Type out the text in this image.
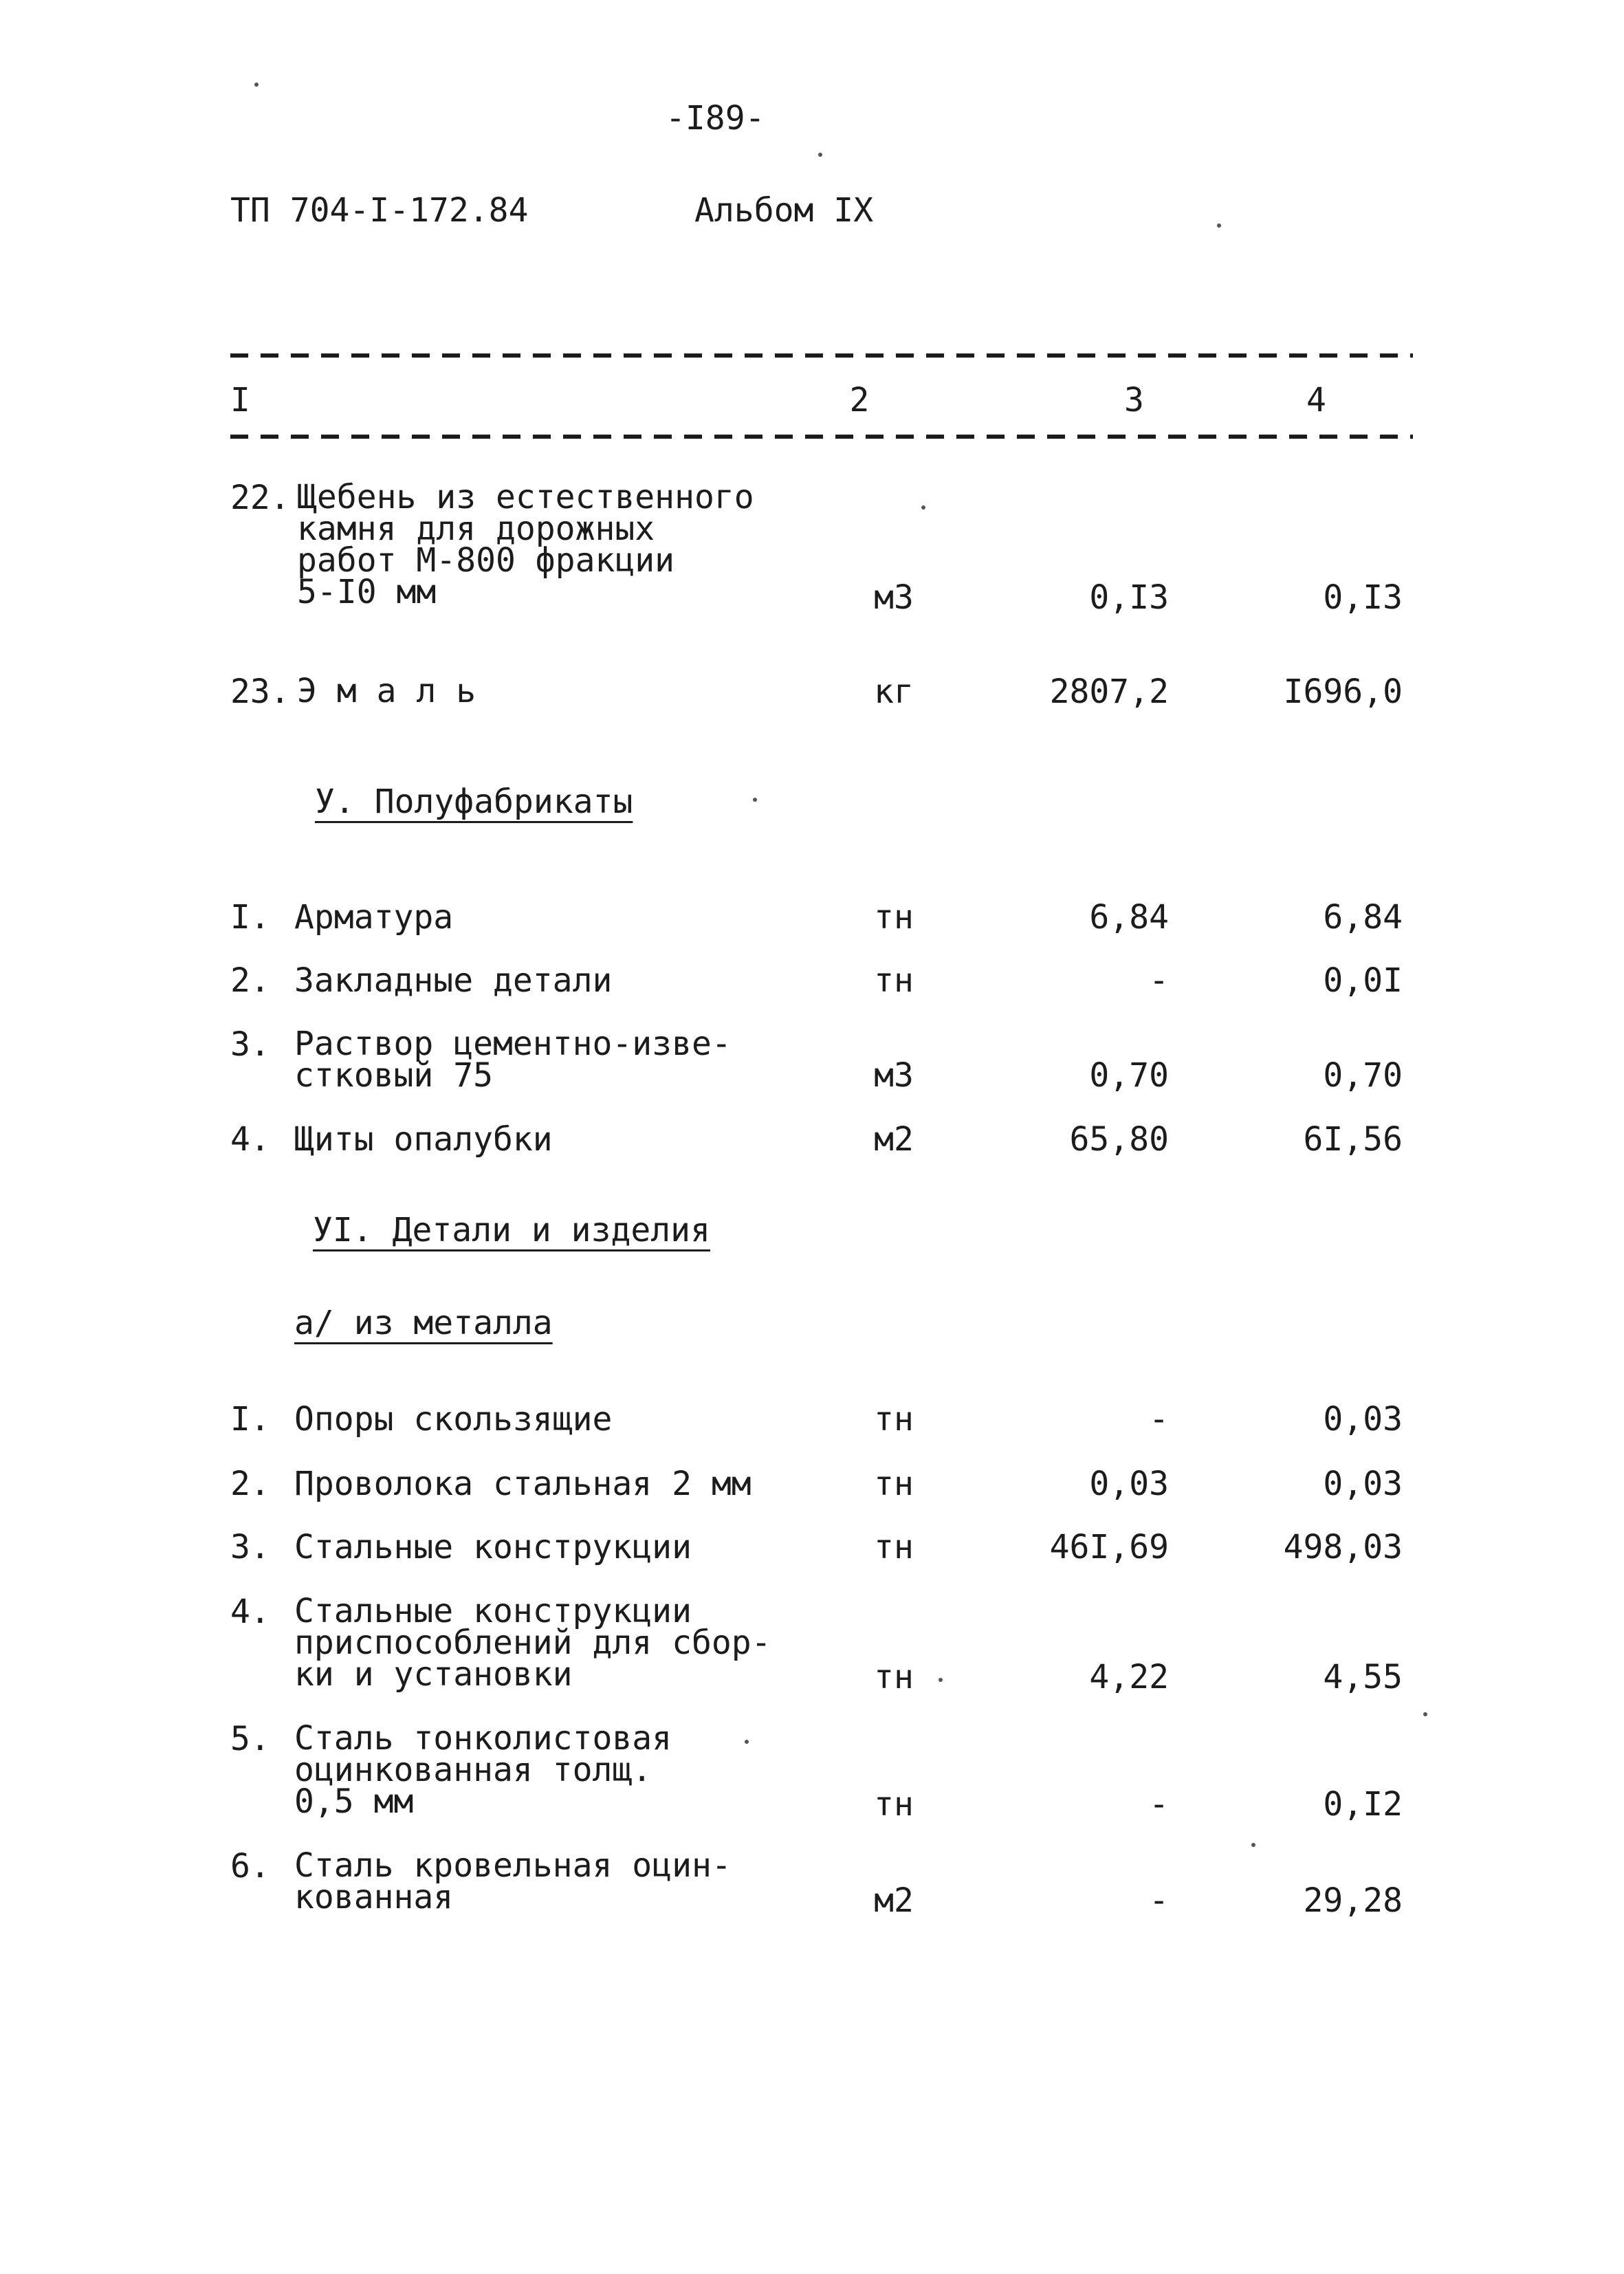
-I89-
ТП 704-I-172.84	Альбом IX
I	2	3	4
22. Щебень из естественного
камня для дорожных
работ М-800 фракции
5-I0 мм	м3	0,I3	0,I3
23. Э м а л ь	кг	2807,2	I696,0
У. Полуфабрикаты
I. Арматура	тн	6,84	6,84
2. Закладные детали	тн	-	0,0I
3. Раствор цементно-изве-
стковый 75	м3	0,70	0,70
4. Щиты опалубки	м2	65,80	6I,56
УI. Детали и изделия
а/ из металла
I. Опоры скользящие	тн	-	0,03
2. Проволока стальная 2 мм	тн	0,03	0,03
3. Стальные конструкции	тн	46I,69	498,03
4. Стальные конструкции
приспособлений для сбор-
ки и установки	тн	4,22	4,55
5. Сталь тонколистовая
оцинкованная толщ.
0,5 мм	тн	-	0,I2
6. Сталь кровельная оцин-
кованная	м2	-	29,28
